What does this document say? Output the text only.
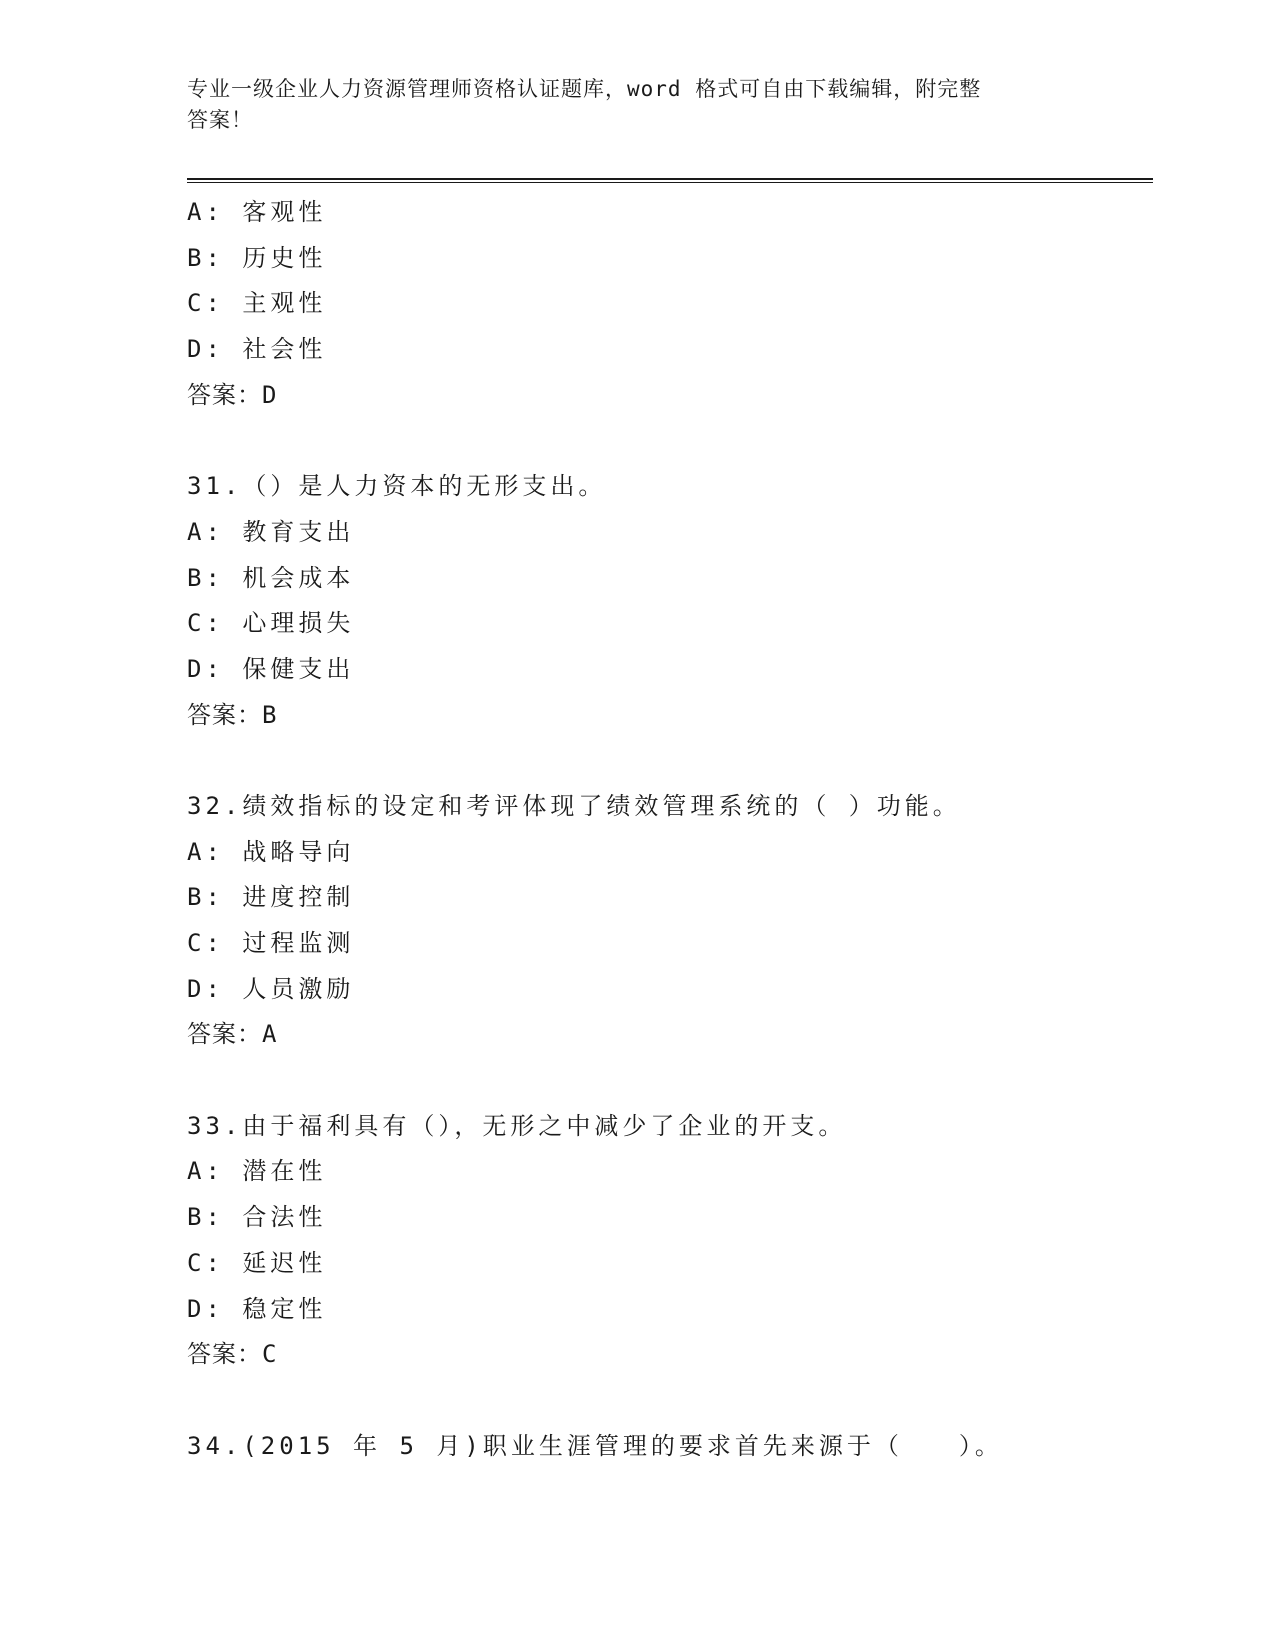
专业一级企业人力资源管理师资格认证题库，word 格式可自由下载编辑，附完整
答案！
A: 客观性
B: 历史性
C: 主观性
D: 社会性
答案：D
31.（）是人力资本的无形支出。
A: 教育支出
B: 机会成本
C: 心理损失
D: 保健支出
答案：B
32.绩效指标的设定和考评体现了绩效管理系统的（ ）功能。
A: 战略导向
B: 进度控制
C: 过程监测
D: 人员激励
答案：A
33.由于福利具有（），无形之中减少了企业的开支。
A: 潜在性
B: 合法性
C: 延迟性
D: 稳定性
答案：C
34.(2015 年 5 月)职业生涯管理的要求首先来源于（　　）。
